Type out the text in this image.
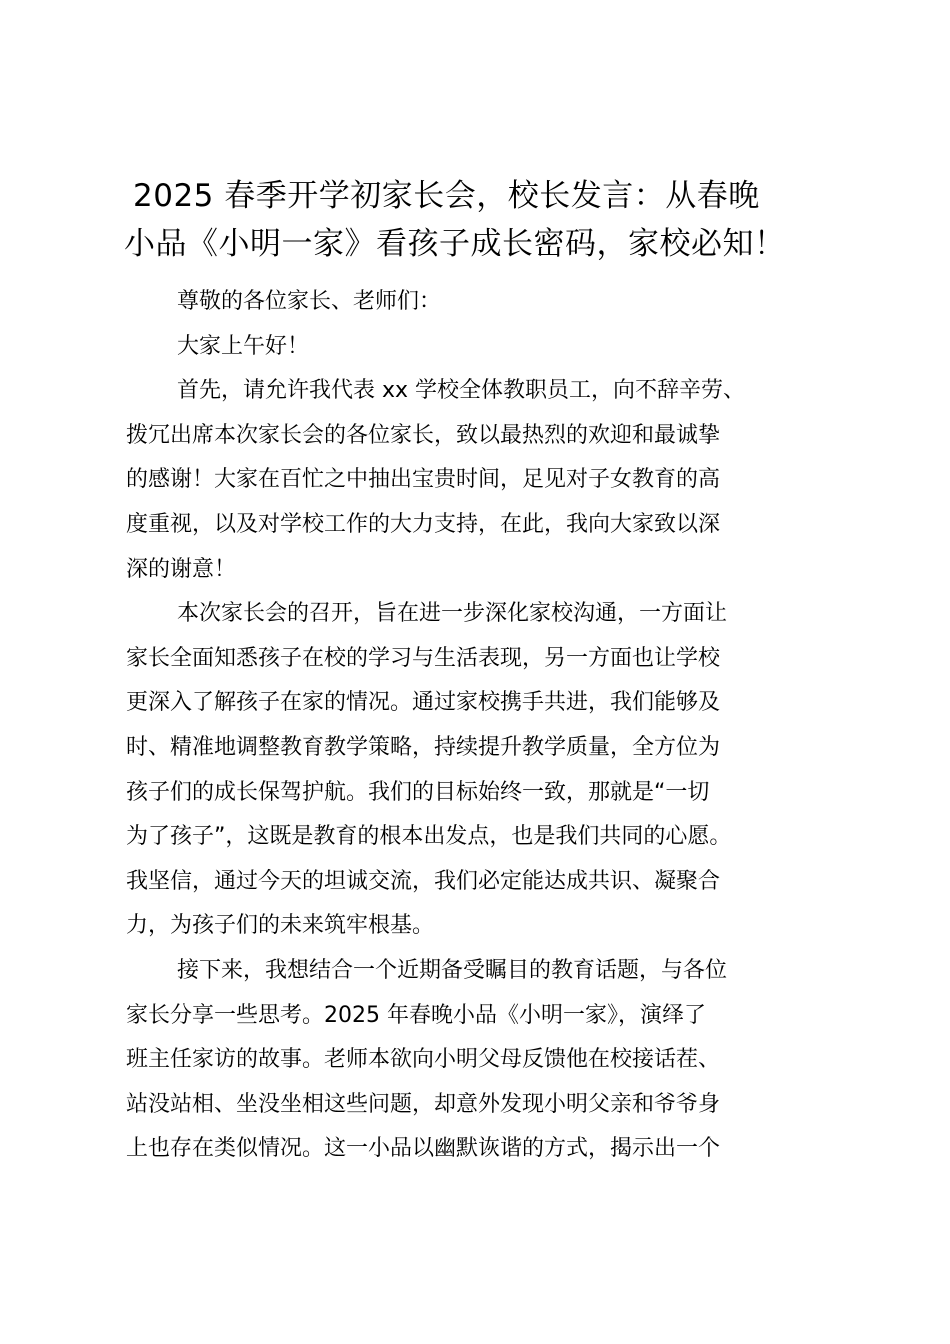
2025 春季开学初家长会，校长发言：从春晚
小品《小明一家》看孩子成长密码，家校必知！
尊敬的各位家长、老师们：
大家上午好！
首先，请允许我代表 xx 学校全体教职员工，向不辞辛劳、
拨冗出席本次家长会的各位家长，致以最热烈的欢迎和最诚挚
的感谢！大家在百忙之中抽出宝贵时间，足见对子女教育的高
度重视，以及对学校工作的大力支持，在此，我向大家致以深
深的谢意！
本次家长会的召开，旨在进一步深化家校沟通，一方面让
家长全面知悉孩子在校的学习与生活表现，另一方面也让学校
更深入了解孩子在家的情况。通过家校携手共进，我们能够及
时、精准地调整教育教学策略，持续提升教学质量，全方位为
孩子们的成长保驾护航。我们的目标始终一致，那就是“一切
为了孩子”，这既是教育的根本出发点，也是我们共同的心愿。
我坚信，通过今天的坦诚交流，我们必定能达成共识、凝聚合
力，为孩子们的未来筑牢根基。
接下来，我想结合一个近期备受瞩目的教育话题，与各位
家长分享一些思考。2025 年春晚小品《小明一家》，演绎了
班主任家访的故事。老师本欲向小明父母反馈他在校接话茬、
站没站相、坐没坐相这些问题，却意外发现小明父亲和爷爷身
上也存在类似情况。这一小品以幽默诙谐的方式，揭示出一个
